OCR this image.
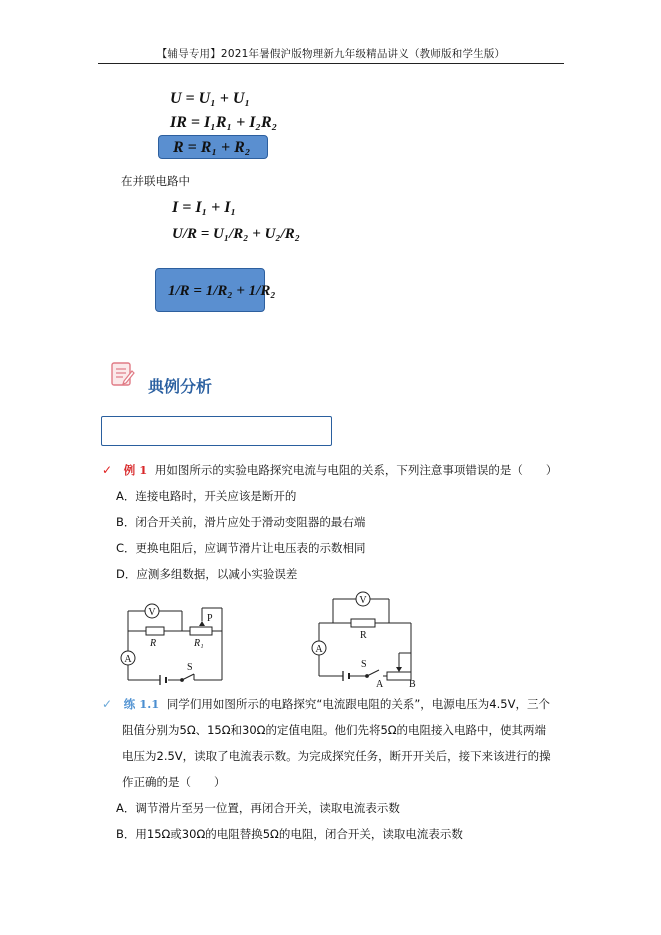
【辅导专用】2021年暑假沪版物理新九年级精品讲义（教师版和学生版）
U = U₁ + U₁
IR = I₁R₁ + I₂R₂
R = R₁ + R₂
在并联电路中
I = I₁ + I₁
U/R = U₁/R₂ + U₂/R₂
1/R = 1/R₂ + 1/R₂
典例分析
✓ 例 1 用如图所示的实验电路探究电流与电阻的关系，下列注意事项错误的是（　　）
A．连接电路时，开关应该是断开的
B．闭合开关前，滑片应处于滑动变阻器的最右端
C．更换电阻后，应调节滑片让电压表的示数相同
D．应测多组数据，以减小实验误差
V
A
R	R₁
P
S
V
A
R
S
A	B
✓ 练 1.1 同学们用如图所示的电路探究“电流跟电阻的关系”，电源电压为4.5V，三个
阻值分别为5Ω、15Ω和30Ω的定值电阻。他们先将5Ω的电阻接入电路中，使其两端
电压为2.5V，读取了电流表示数。为完成探究任务，断开开关后，接下来该进行的操
作正确的是（　　）
A．调节滑片至另一位置，再闭合开关，读取电流表示数
B．用15Ω或30Ω的电阻替换5Ω的电阻，闭合开关，读取电流表示数
